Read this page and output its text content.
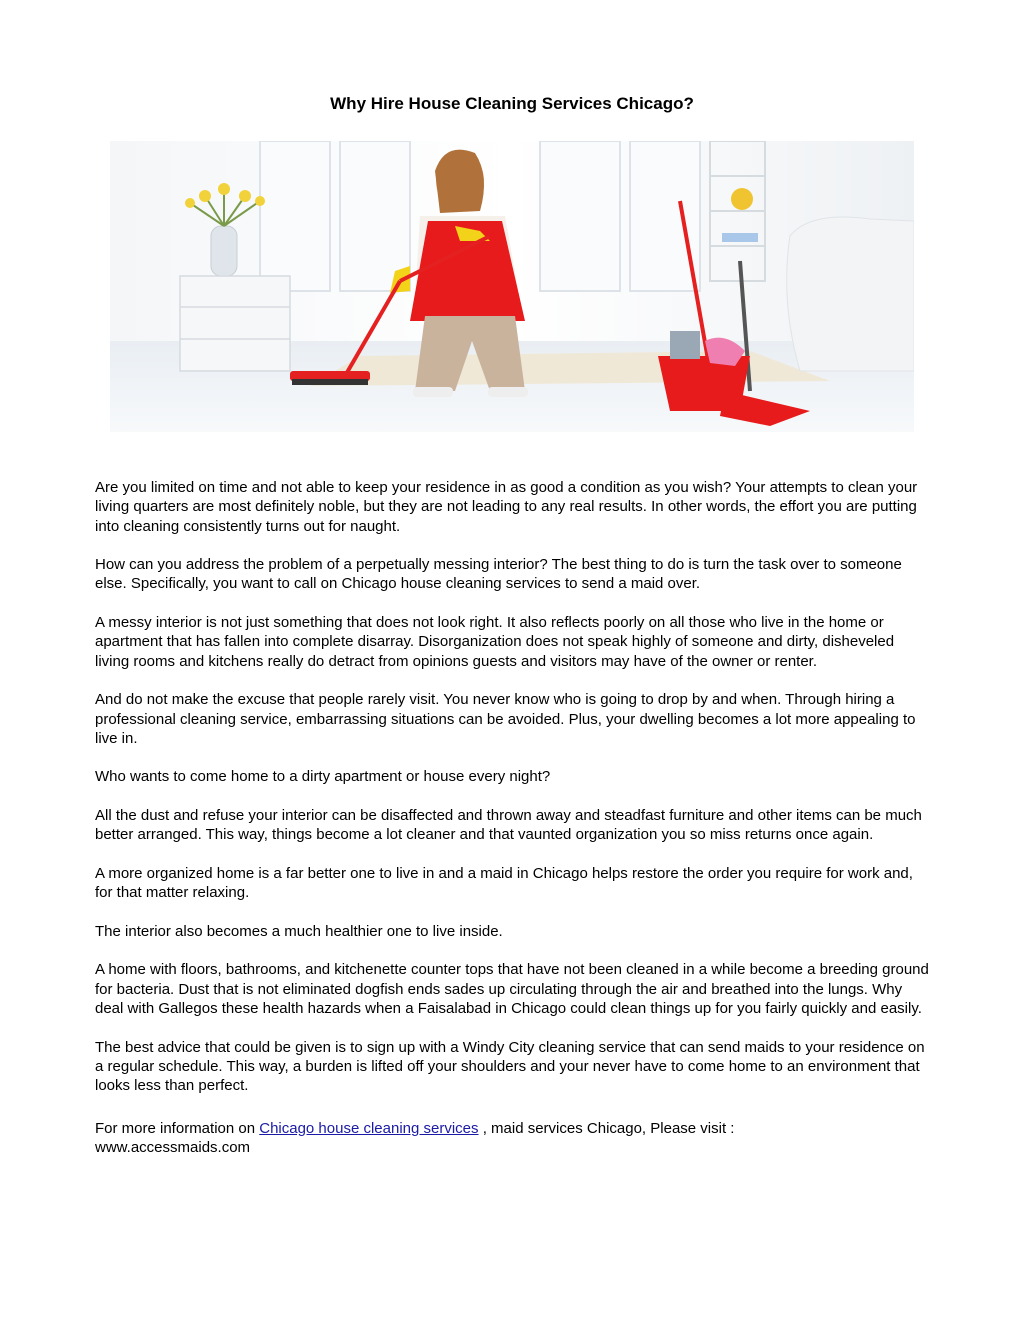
Why Hire House Cleaning Services Chicago?

Are you limited on time and not able to keep your residence in as good a condition as you wish? Your attempts to clean your living quarters are most definitely noble, but they are not leading to any real results. In other words, the effort you are putting into cleaning consistently turns out for naught.

How can you address the problem of a perpetually messing interior? The best thing to do is turn the task over to someone else. Specifically, you want to call on Chicago house cleaning services to send a maid over.

A messy interior is not just something that does not look right. It also reflects poorly on all those who live in the home or apartment that has fallen into complete disarray. Disorganization does not speak highly of someone and dirty, disheveled living rooms and kitchens really do detract from opinions guests and visitors may have of the owner or renter.

And do not make the excuse that people rarely visit. You never know who is going to drop by and when. Through hiring a professional cleaning service, embarrassing situations can be avoided. Plus, your dwelling becomes a lot more appealing to live in.

Who wants to come home to a dirty apartment or house every night?

All the dust and refuse your interior can be disaffected and thrown away and steadfast furniture and other items can be much better arranged. This way, things become a lot cleaner and that vaunted organization you so miss returns once again.

A more organized home is a far better one to live in and a maid in Chicago helps restore the order you require for work and, for that matter relaxing.

The interior also becomes a much healthier one to live inside.

A home with floors, bathrooms, and kitchenette counter tops that have not been cleaned in a while become a breeding ground for bacteria. Dust that is not eliminated dogfish ends sades up circulating through the air and breathed into the lungs. Why deal with Gallegos these health hazards when a Faisalabad in Chicago could clean things up for you fairly quickly and easily.

The best advice that could be given is to sign up with a Windy City cleaning service that can send maids to your residence on a regular schedule. This way, a burden is lifted off your shoulders and your never have to come home to an environment that looks less than perfect.

For more information on Chicago house cleaning services , maid services Chicago, Please visit :
www.accessmaids.com
